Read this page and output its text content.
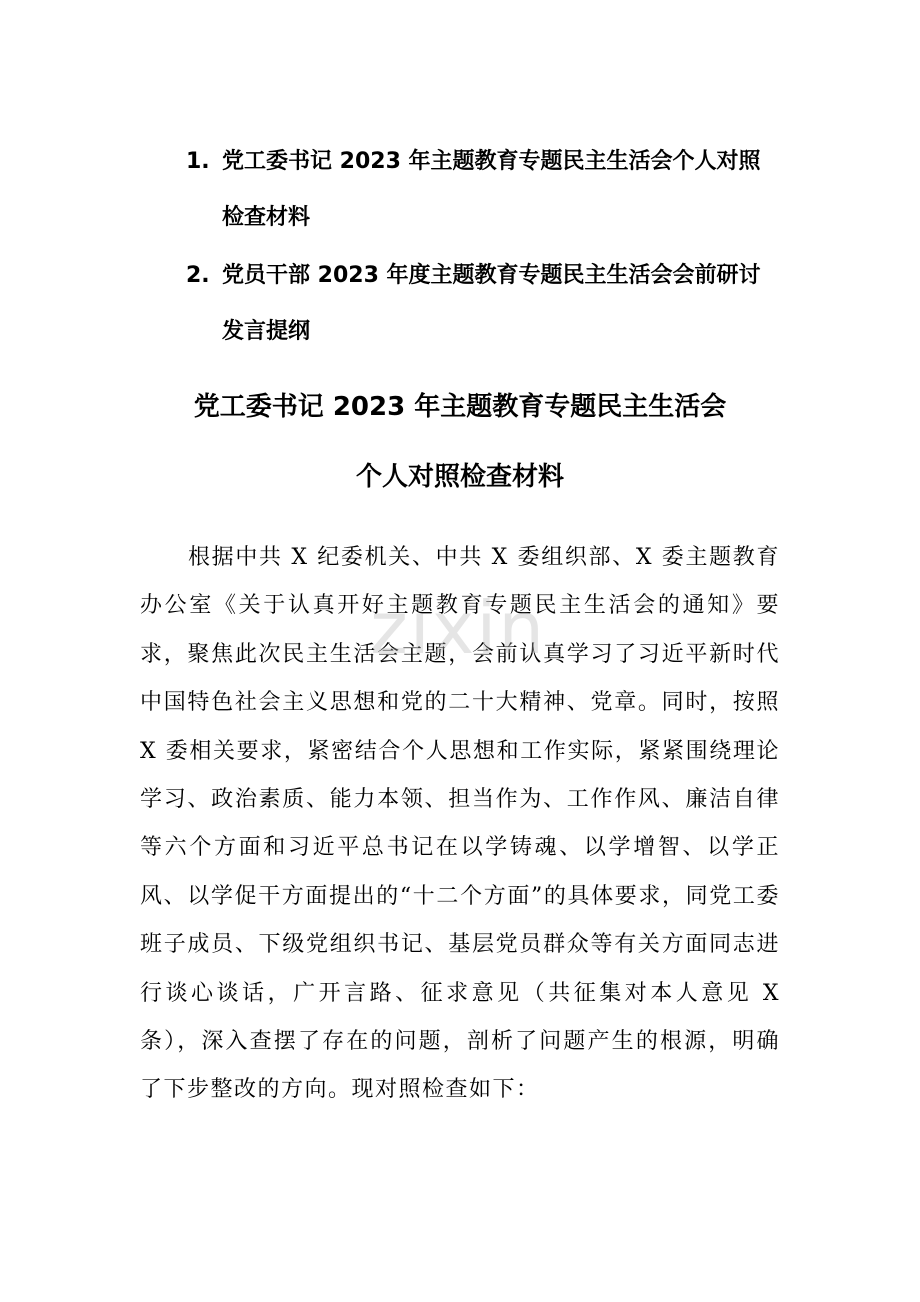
1. 党工委书记 2023 年主题教育专题民主生活会个人对照检查材料
2. 党员干部 2023 年度主题教育专题民主生活会会前研讨发言提纲
党工委书记 2023 年主题教育专题民主生活会
个人对照检查材料
根据中共 X 纪委机关、中共 X 委组织部、X 委主题教育办公室《关于认真开好主题教育专题民主生活会的通知》要求，聚焦此次民主生活会主题，会前认真学习了习近平新时代中国特色社会主义思想和党的二十大精神、党章。同时，按照 X 委相关要求，紧密结合个人思想和工作实际，紧紧围绕理论学习、政治素质、能力本领、担当作为、工作作风、廉洁自律等六个方面和习近平总书记在以学铸魂、以学增智、以学正风、以学促干方面提出的“十二个方面”的具体要求，同党工委班子成员、下级党组织书记、基层党员群众等有关方面同志进行谈心谈话，广开言路、征求意见（共征集对本人意见 X 条），深入查摆了存在的问题，剖析了问题产生的根源，明确了下步整改的方向。现对照检查如下：
zixin
